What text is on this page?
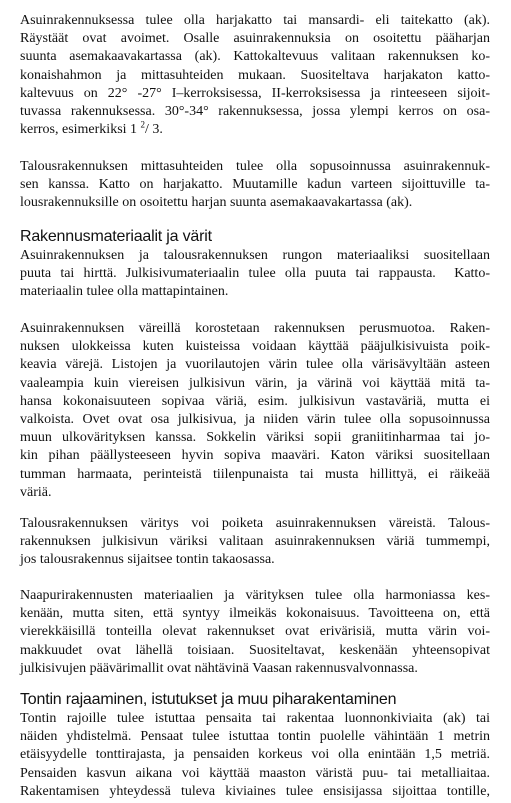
Asuinrakennuksessa tulee olla harjakatto tai mansardi- eli taitekatto (ak).
Räystäät ovat avoimet. Osalle asuinrakennuksia on osoitettu pääharjan
suunta asemakaavakartassa (ak). Kattokaltevuus valitaan rakennuksen ko-
konaishahmon ja mittasuhteiden mukaan. Suositeltava harjakaton katto-
kaltevuus on 22° -27° I–kerroksisessa, II-kerroksisessa ja rinteeseen sijoit-
tuvassa rakennuksessa. 30°-34° rakennuksessa, jossa ylempi kerros on osa-
kerros, esimerkiksi 1 $^2$/ 3.
Talousrakennuksen mittasuhteiden tulee olla sopusoinnussa asuinrakennuk-
sen kanssa. Katto on harjakatto. Muutamille kadun varteen sijoittuville ta-
lousrakennuksille on osoitettu harjan suunta asemakaavakartassa (ak).
Rakennusmateriaalit ja värit
Asuinrakennuksen ja talousrakennuksen rungon materiaaliksi suositellaan
puuta tai hirttä. Julkisivumateriaalin tulee olla puuta tai rappausta.  Katto-
materiaalin tulee olla mattapintainen.
Asuinrakennuksen väreillä korostetaan rakennuksen perusmuotoa. Raken-
nuksen ulokkeissa kuten kuisteissa voidaan käyttää pääjulkisivuista poik-
keavia värejä. Listojen ja vuorilautojen värin tulee olla värisävyltään asteen
vaaleampia kuin viereisen julkisivun värin, ja värinä voi käyttää mitä ta-
hansa kokonaisuuteen sopivaa väriä, esim. julkisivun vastaväriä, mutta ei
valkoista. Ovet ovat osa julkisivua, ja niiden värin tulee olla sopusoinnussa
muun ulkovärityksen kanssa. Sokkelin väriksi sopii graniitinharmaa tai jo-
kin pihan päällysteeseen hyvin sopiva maaväri. Katon väriksi suositellaan
tumman harmaata, perinteistä tiilenpunaista tai musta hillittyä, ei räikeää
väriä.
Talousrakennuksen väritys voi poiketa asuinrakennuksen väreistä. Talous-
rakennuksen julkisivun väriksi valitaan asuinrakennuksen väriä tummempi,
jos talousrakennus sijaitsee tontin takaosassa.
Naapurirakennusten materiaalien ja värityksen tulee olla harmoniassa kes-
kenään, mutta siten, että syntyy ilmeikäs kokonaisuus. Tavoitteena on, että
vierekkäisillä tonteilla olevat rakennukset ovat erivärisiä, mutta värin voi-
makkuudet ovat lähellä toisiaan. Suositeltavat, keskenään yhteensopivat
julkisivujen päävärimallit ovat nähtävinä Vaasan rakennusvalvonnassa.
Tontin rajaaminen, istutukset ja muu piharakentaminen
Tontin rajoille tulee istuttaa pensaita tai rakentaa luonnonkiviaita (ak) tai
näiden yhdistelmä. Pensaat tulee istuttaa tontin puolelle vähintään 1 metrin
etäisyydelle tonttirajasta, ja pensaiden korkeus voi olla enintään 1,5 metriä.
Pensaiden kasvun aikana voi käyttää maaston väristä puu- tai metalliaitaa.
Rakentamisen yhteydessä tuleva kiviaines tulee ensisijassa sijoittaa tontille,
